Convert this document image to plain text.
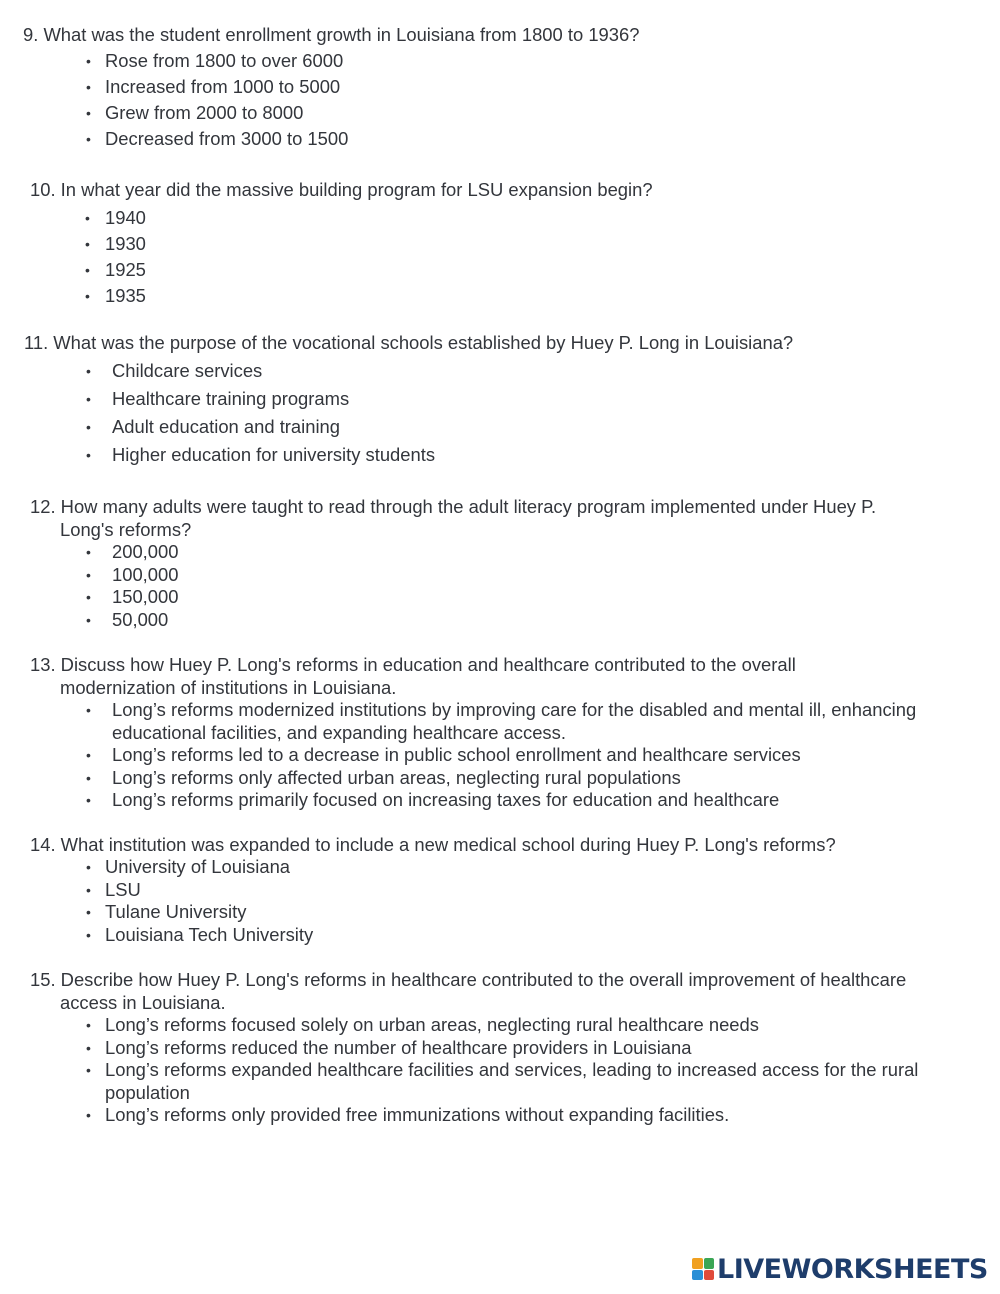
9. What was the student enrollment growth in Louisiana from 1800 to 1936?

• Rose from 1800 to over 6000
• Increased from 1000 to 5000
• Grew from 2000 to 8000
• Decreased from 3000 to 1500

10. In what year did the massive building program for LSU expansion begin?

• 1940
• 1930
• 1925
• 1935

11. What was the purpose of the vocational schools established by Huey P. Long in Louisiana?

• Childcare services
• Healthcare training programs
• Adult education and training
• Higher education for university students

12. How many adults were taught to read through the adult literacy program implemented under Huey P.
Long's reforms?

• 200,000
• 100,000
• 150,000
• 50,000

13. Discuss how Huey P. Long's reforms in education and healthcare contributed to the overall
modernization of institutions in Louisiana.

• Long’s reforms modernized institutions by improving care for the disabled and mental ill, enhancing educational facilities, and expanding healthcare access.
• Long’s reforms led to a decrease in public school enrollment and healthcare services
• Long’s reforms only affected urban areas, neglecting rural populations
• Long’s reforms primarily focused on increasing taxes for education and healthcare

14. What institution was expanded to include a new medical school during Huey P. Long's reforms?

• University of Louisiana
• LSU
• Tulane University
• Louisiana Tech University

15. Describe how Huey P. Long's reforms in healthcare contributed to the overall improvement of healthcare
access in Louisiana.

• Long’s reforms focused solely on urban areas, neglecting rural healthcare needs
• Long’s reforms reduced the number of healthcare providers in Louisiana
• Long’s reforms expanded healthcare facilities and services, leading to increased access for the rural population
• Long’s reforms only provided free immunizations without expanding facilities.
LIVEWORKSHEETS
